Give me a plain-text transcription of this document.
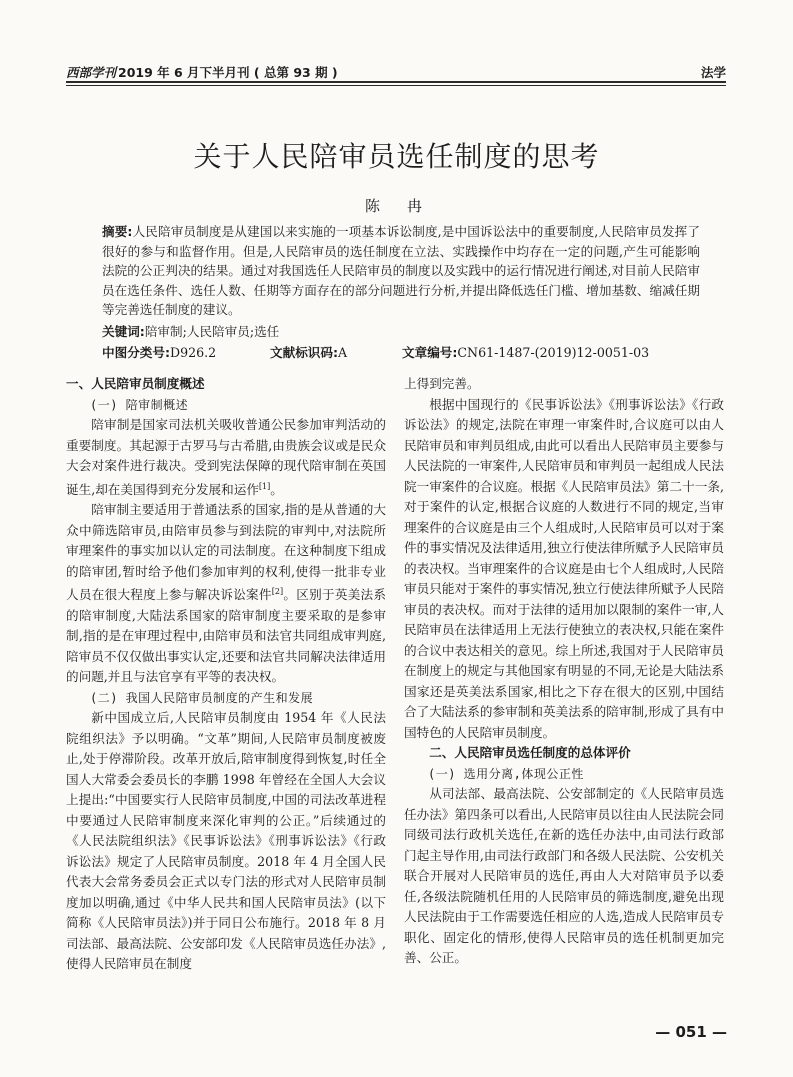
西部学刊 2019 年 6 月下半月刊 ( 总第 93 期 )	法学
关于人民陪审员选任制度的思考
陈　冉
摘要:人民陪审员制度是从建国以来实施的一项基本诉讼制度,是中国诉讼法中的重要制度,人民陪审员发挥了很好的参与和监督作用。但是,人民陪审员的选任制度在立法、实践操作中均存在一定的问题,产生可能影响法院的公正判决的结果。通过对我国选任人民陪审员的制度以及实践中的运行情况进行阐述,对目前人民陪审员在选任条件、选任人数、任期等方面存在的部分问题进行分析,并提出降低选任门槛、增加基数、缩减任期等完善选任制度的建议。
关键词:陪审制;人民陪审员;选任
中图分类号:D926.2	文献标识码:A	文章编号:CN61-1487-(2019)12-0051-03
一、人民陪审员制度概述
(一) 陪审制概述

陪审制是国家司法机关吸收普通公民参加审判活动的重要制度。其起源于古罗马与古希腊,由贵族会议或是民众大会对案件进行裁决。受到宪法保障的现代陪审制在英国诞生,却在美国得到充分发展和运作[1]。

陪审制主要适用于普通法系的国家,指的是从普通的大众中筛选陪审员,由陪审员参与到法院的审判中,对法院所审理案件的事实加以认定的司法制度。在这种制度下组成的陪审团,暂时给予他们参加审判的权利,使得一批非专业人员在很大程度上参与解决诉讼案件[2]。区别于英美法系的陪审制度,大陆法系国家的陪审制度主要采取的是参审制,指的是在审理过程中,由陪审员和法官共同组成审判庭,陪审员不仅仅做出事实认定,还要和法官共同解决法律适用的问题,并且与法官享有平等的表决权。

(二) 我国人民陪审员制度的产生和发展

新中国成立后,人民陪审员制度由 1954 年《人民法院组织法》予以明确。“文革”期间,人民陪审员制度被废止,处于停滞阶段。改革开放后,陪审制度得到恢复,时任全国人大常委会委员长的李鹏 1998 年曾经在全国人大会议上提出:“中国要实行人民陪审员制度,中国的司法改革进程中要通过人民陪审制度来深化审判的公正。”后续通过的《人民法院组织法》《民事诉讼法》《刑事诉讼法》《行政诉讼法》规定了人民陪审员制度。2018 年 4 月全国人民代表大会常务委员会正式以专门法的形式对人民陪审员制度加以明确,通过《中华人民共和国人民陪审员法》(以下简称《人民陪审员法》)并于同日公布施行。2018 年 8 月司法部、最高法院、公安部印发《人民陪审员选任办法》,使得人民陪审员在制度

上得到完善。

根据中国现行的《民事诉讼法》《刑事诉讼法》《行政诉讼法》的规定,法院在审理一审案件时,合议庭可以由人民陪审员和审判员组成,由此可以看出人民陪审员主要参与人民法院的一审案件,人民陪审员和审判员一起组成人民法院一审案件的合议庭。根据《人民陪审员法》第二十一条,对于案件的认定,根据合议庭的人数进行不同的规定,当审理案件的合议庭是由三个人组成时,人民陪审员可以对于案件的事实情况及法律适用,独立行使法律所赋予人民陪审员的表决权。当审理案件的合议庭是由七个人组成时,人民陪审员只能对于案件的事实情况,独立行使法律所赋予人民陪审员的表决权。而对于法律的适用加以限制的案件一审,人民陪审员在法律适用上无法行使独立的表决权,只能在案件的合议中表达相关的意见。综上所述,我国对于人民陪审员在制度上的规定与其他国家有明显的不同,无论是大陆法系国家还是英美法系国家,相比之下存在很大的区别,中国结合了大陆法系的参审制和英美法系的陪审制,形成了具有中国特色的人民陪审员制度。

二、人民陪审员选任制度的总体评价
(一) 选用分离,体现公正性

从司法部、最高法院、公安部制定的《人民陪审员选任办法》第四条可以看出,人民陪审员以往由人民法院会同同级司法行政机关选任,在新的选任办法中,由司法行政部门起主导作用,由司法行政部门和各级人民法院、公安机关联合开展对人民陪审员的选任,再由人大对陪审员予以委任,各级法院随机任用的人民陪审员的筛选制度,避免出现人民法院由于工作需要选任相应的人选,造成人民陪审员专职化、固定化的情形,使得人民陪审员的选任机制更加完善、公正。

— 051 —
